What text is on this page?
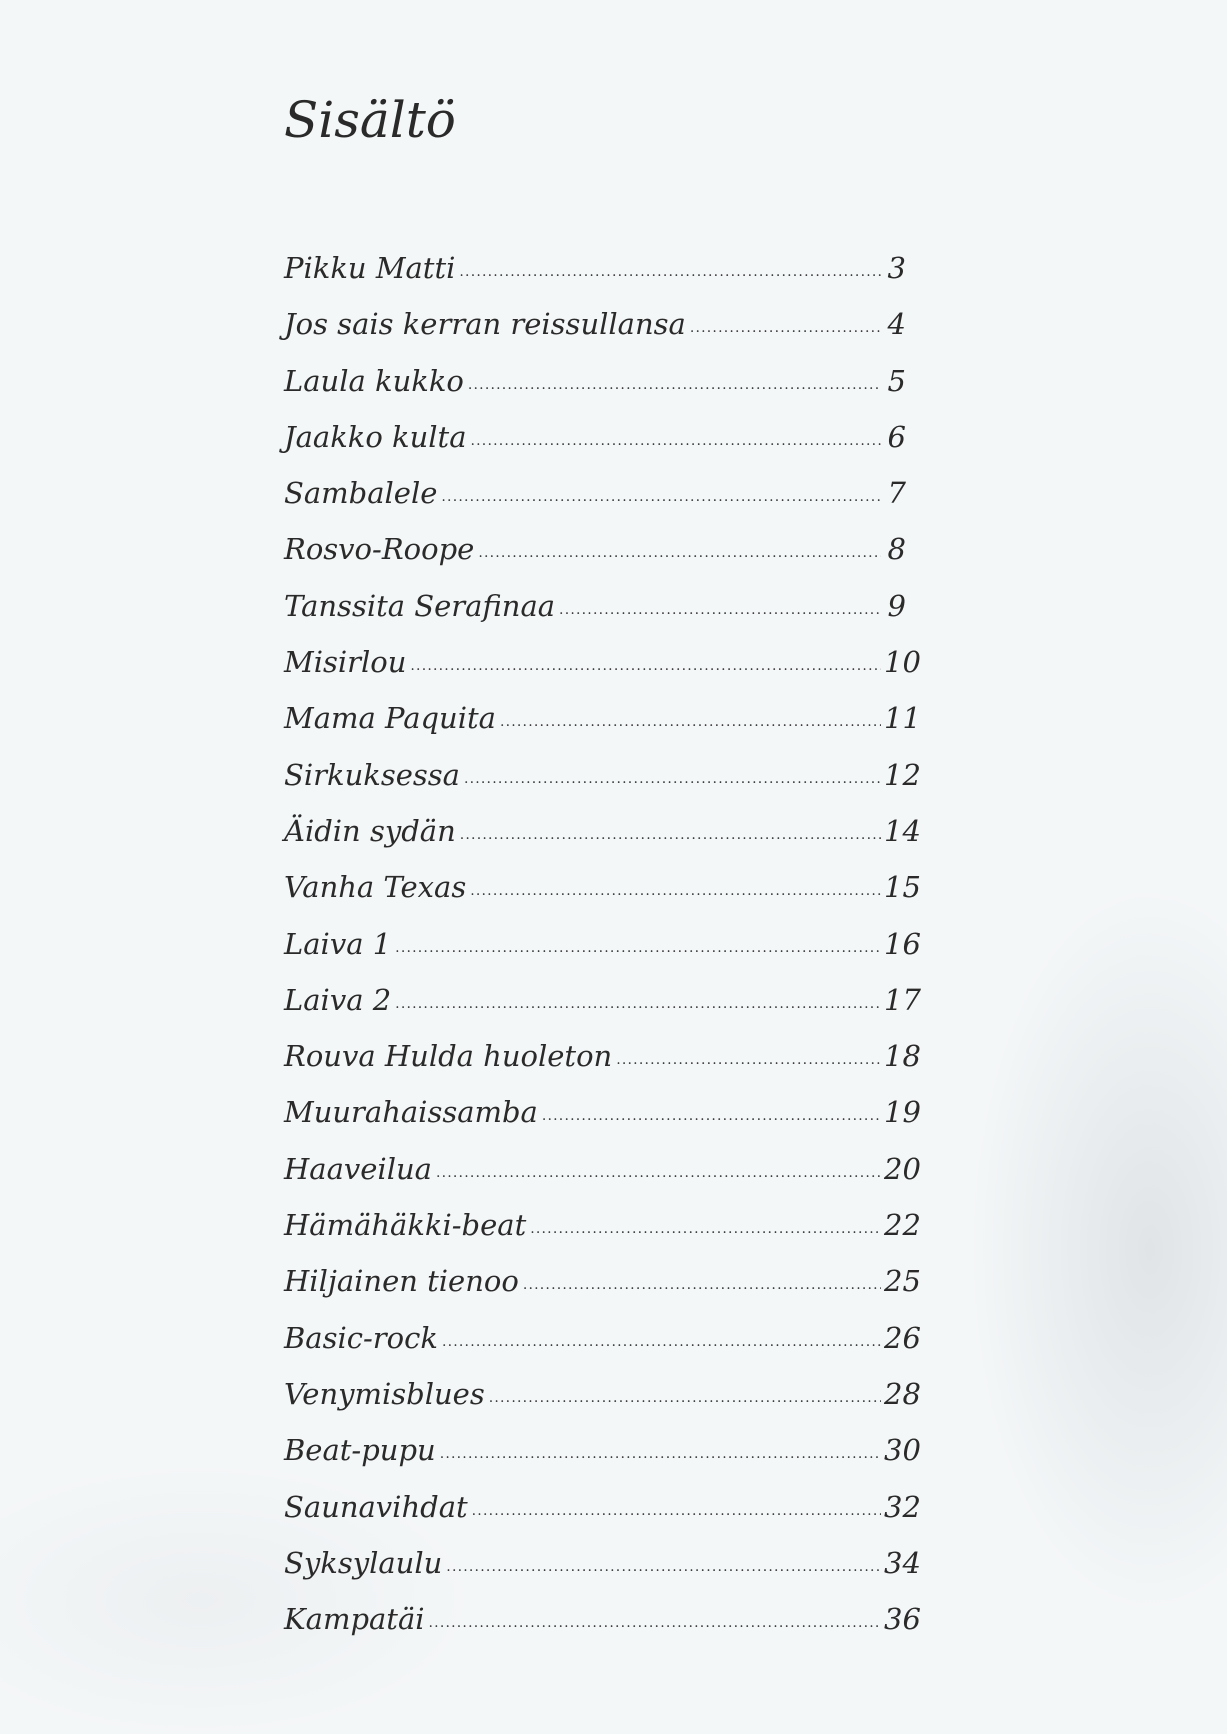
Sisältö
Pikku Matti .....	3
Jos sais kerran reissullansa .....	4
Laula kukko .....	5
Jaakko kulta .....	6
Sambalele .....	7
Rosvo-Roope .....	8
Tanssita Serafinaa .....	9
Misirlou .....	10
Mama Paquita .....	11
Sirkuksessa .....	12
Äidin sydän .....	14
Vanha Texas .....	15
Laiva 1 .....	16
Laiva 2 .....	17
Rouva Hulda huoleton .....	18
Muurahaissamba .....	19
Haaveilua .....	20
Hämähäkki-beat .....	22
Hiljainen tienoo .....	25
Basic-rock .....	26
Venymisblues .....	28
Beat-pupu .....	30
Saunavihdat .....	32
Syksylaulu .....	34
Kampatäi .....	36
